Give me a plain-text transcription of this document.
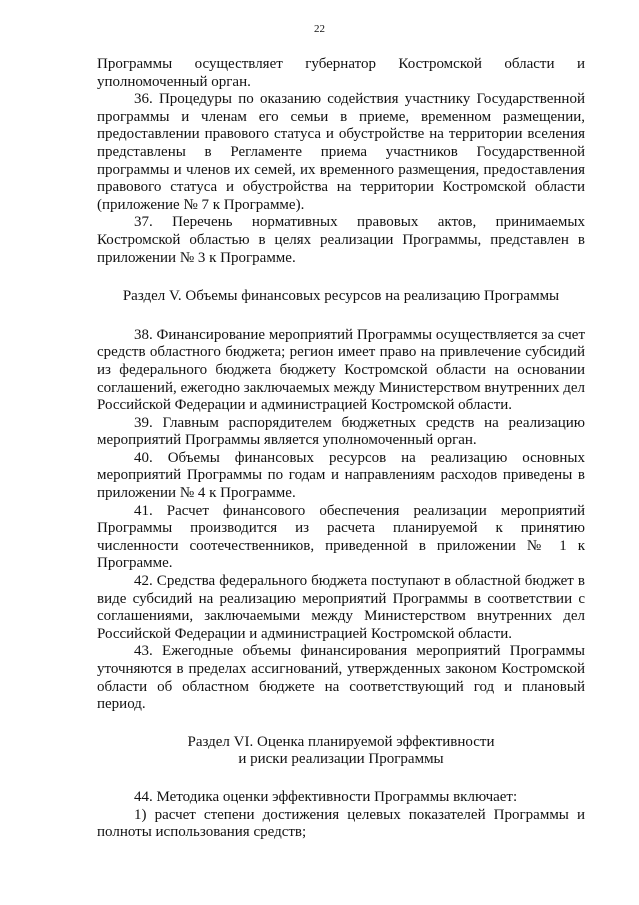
22

Программы осуществляет губернатор Костромской области и уполномоченный орган.

36. Процедуры по оказанию содействия участнику Государственной программы и членам его семьи в приеме, временном размещении, предоставлении правового статуса и обустройстве на территории вселения представлены в Регламенте приема участников Государственной программы и членов их семей, их временного размещения, предоставления правового статуса и обустройства на территории Костромской области (приложение № 7 к Программе).

37. Перечень нормативных правовых актов, принимаемых Костромской областью в целях реализации Программы, представлен в приложении № 3 к Программе.

Раздел V. Объемы финансовых ресурсов на реализацию Программы

38. Финансирование мероприятий Программы осуществляется за счет средств областного бюджета; регион имеет право на привлечение субсидий из федерального бюджета бюджету Костромской области на основании соглашений, ежегодно заключаемых между Министерством внутренних дел Российской Федерации и администрацией Костромской области.

39. Главным распорядителем бюджетных средств на реализацию мероприятий Программы является уполномоченный орган.

40. Объемы финансовых ресурсов на реализацию основных мероприятий Программы по годам и направлениям расходов приведены в приложении № 4 к Программе.

41. Расчет финансового обеспечения реализации мероприятий Программы производится из расчета планируемой к принятию численности соотечественников, приведенной в приложении № 1 к Программе.

42. Средства федерального бюджета поступают в областной бюджет в виде субсидий на реализацию мероприятий Программы в соответствии с соглашениями, заключаемыми между Министерством внутренних дел Российской Федерации и администрацией Костромской области.

43. Ежегодные объемы финансирования мероприятий Программы уточняются в пределах ассигнований, утвержденных законом Костромской области об областном бюджете на соответствующий год и плановый период.

Раздел VI. Оценка планируемой эффективности
и риски реализации Программы

44. Методика оценки эффективности Программы включает:

1) расчет степени достижения целевых показателей Программы и полноты использования средств;
